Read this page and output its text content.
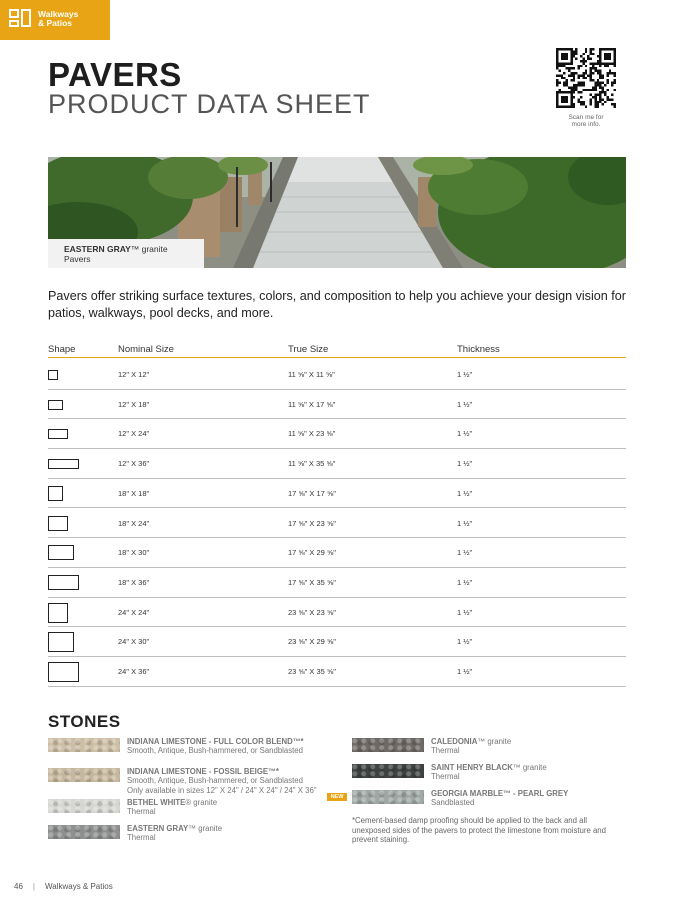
Walkways
& Patios
PAVERS
PRODUCT DATA SHEET	Scan me for
more info.
EASTERN GRAY™ granite
Pavers

Pavers offer striking surface textures, colors, and composition to help you achieve your design vision for patios, walkways, pool decks, and more.

Shape	Nominal Size	True Size	Thickness
12" X 12"	11 ⅝" X 11 ⅝"	1 ½"
12" X 18"	11 ⅝" X 17 ⅝"	1 ½"
12" X 24"	11 ⅝" X 23 ⅝"	1 ½"
12" X 36"	11 ⅝" X 35 ⅝"	1 ½"
18" X 18"	17 ⅝" X 17 ⅝"	1 ½"
18" X 24"	17 ⅝" X 23 ⅝"	1 ½"
18" X 30"	17 ⅝" X 29 ⅝"	1 ½"
18" X 36"	17 ⅝" X 35 ⅝"	1 ½"
24" X 24"	23 ⅝" X 23 ⅝"	1 ½"
24" X 30"	23 ⅝" X 29 ⅝"	1 ½"
24" X 36"	23 ⅝" X 35 ⅝"	1 ½"
STONES
INDIANA LIMESTONE - FULL COLOR BLEND™*
Smooth, Antique, Bush-hammered, or Sandblasted
INDIANA LIMESTONE - FOSSIL BEIGE™*
Smooth, Antique, Bush-hammered, or Sandblasted
Only available in sizes 12" X 24" / 24" X 24" / 24" X 36"
BETHEL WHITE® granite
Thermal
EASTERN GRAY™ granite
Thermal
CALEDONIA™ granite
Thermal
SAINT HENRY BLACK™ granite
Thermal
GEORGIA MARBLE™ - PEARL GREY
Sandblasted
NEW

*Cement-based damp proofing should be applied to the back and all unexposed sides of the pavers to protect the limestone from moisture and prevent staining.

46 | Walkways & Patios
